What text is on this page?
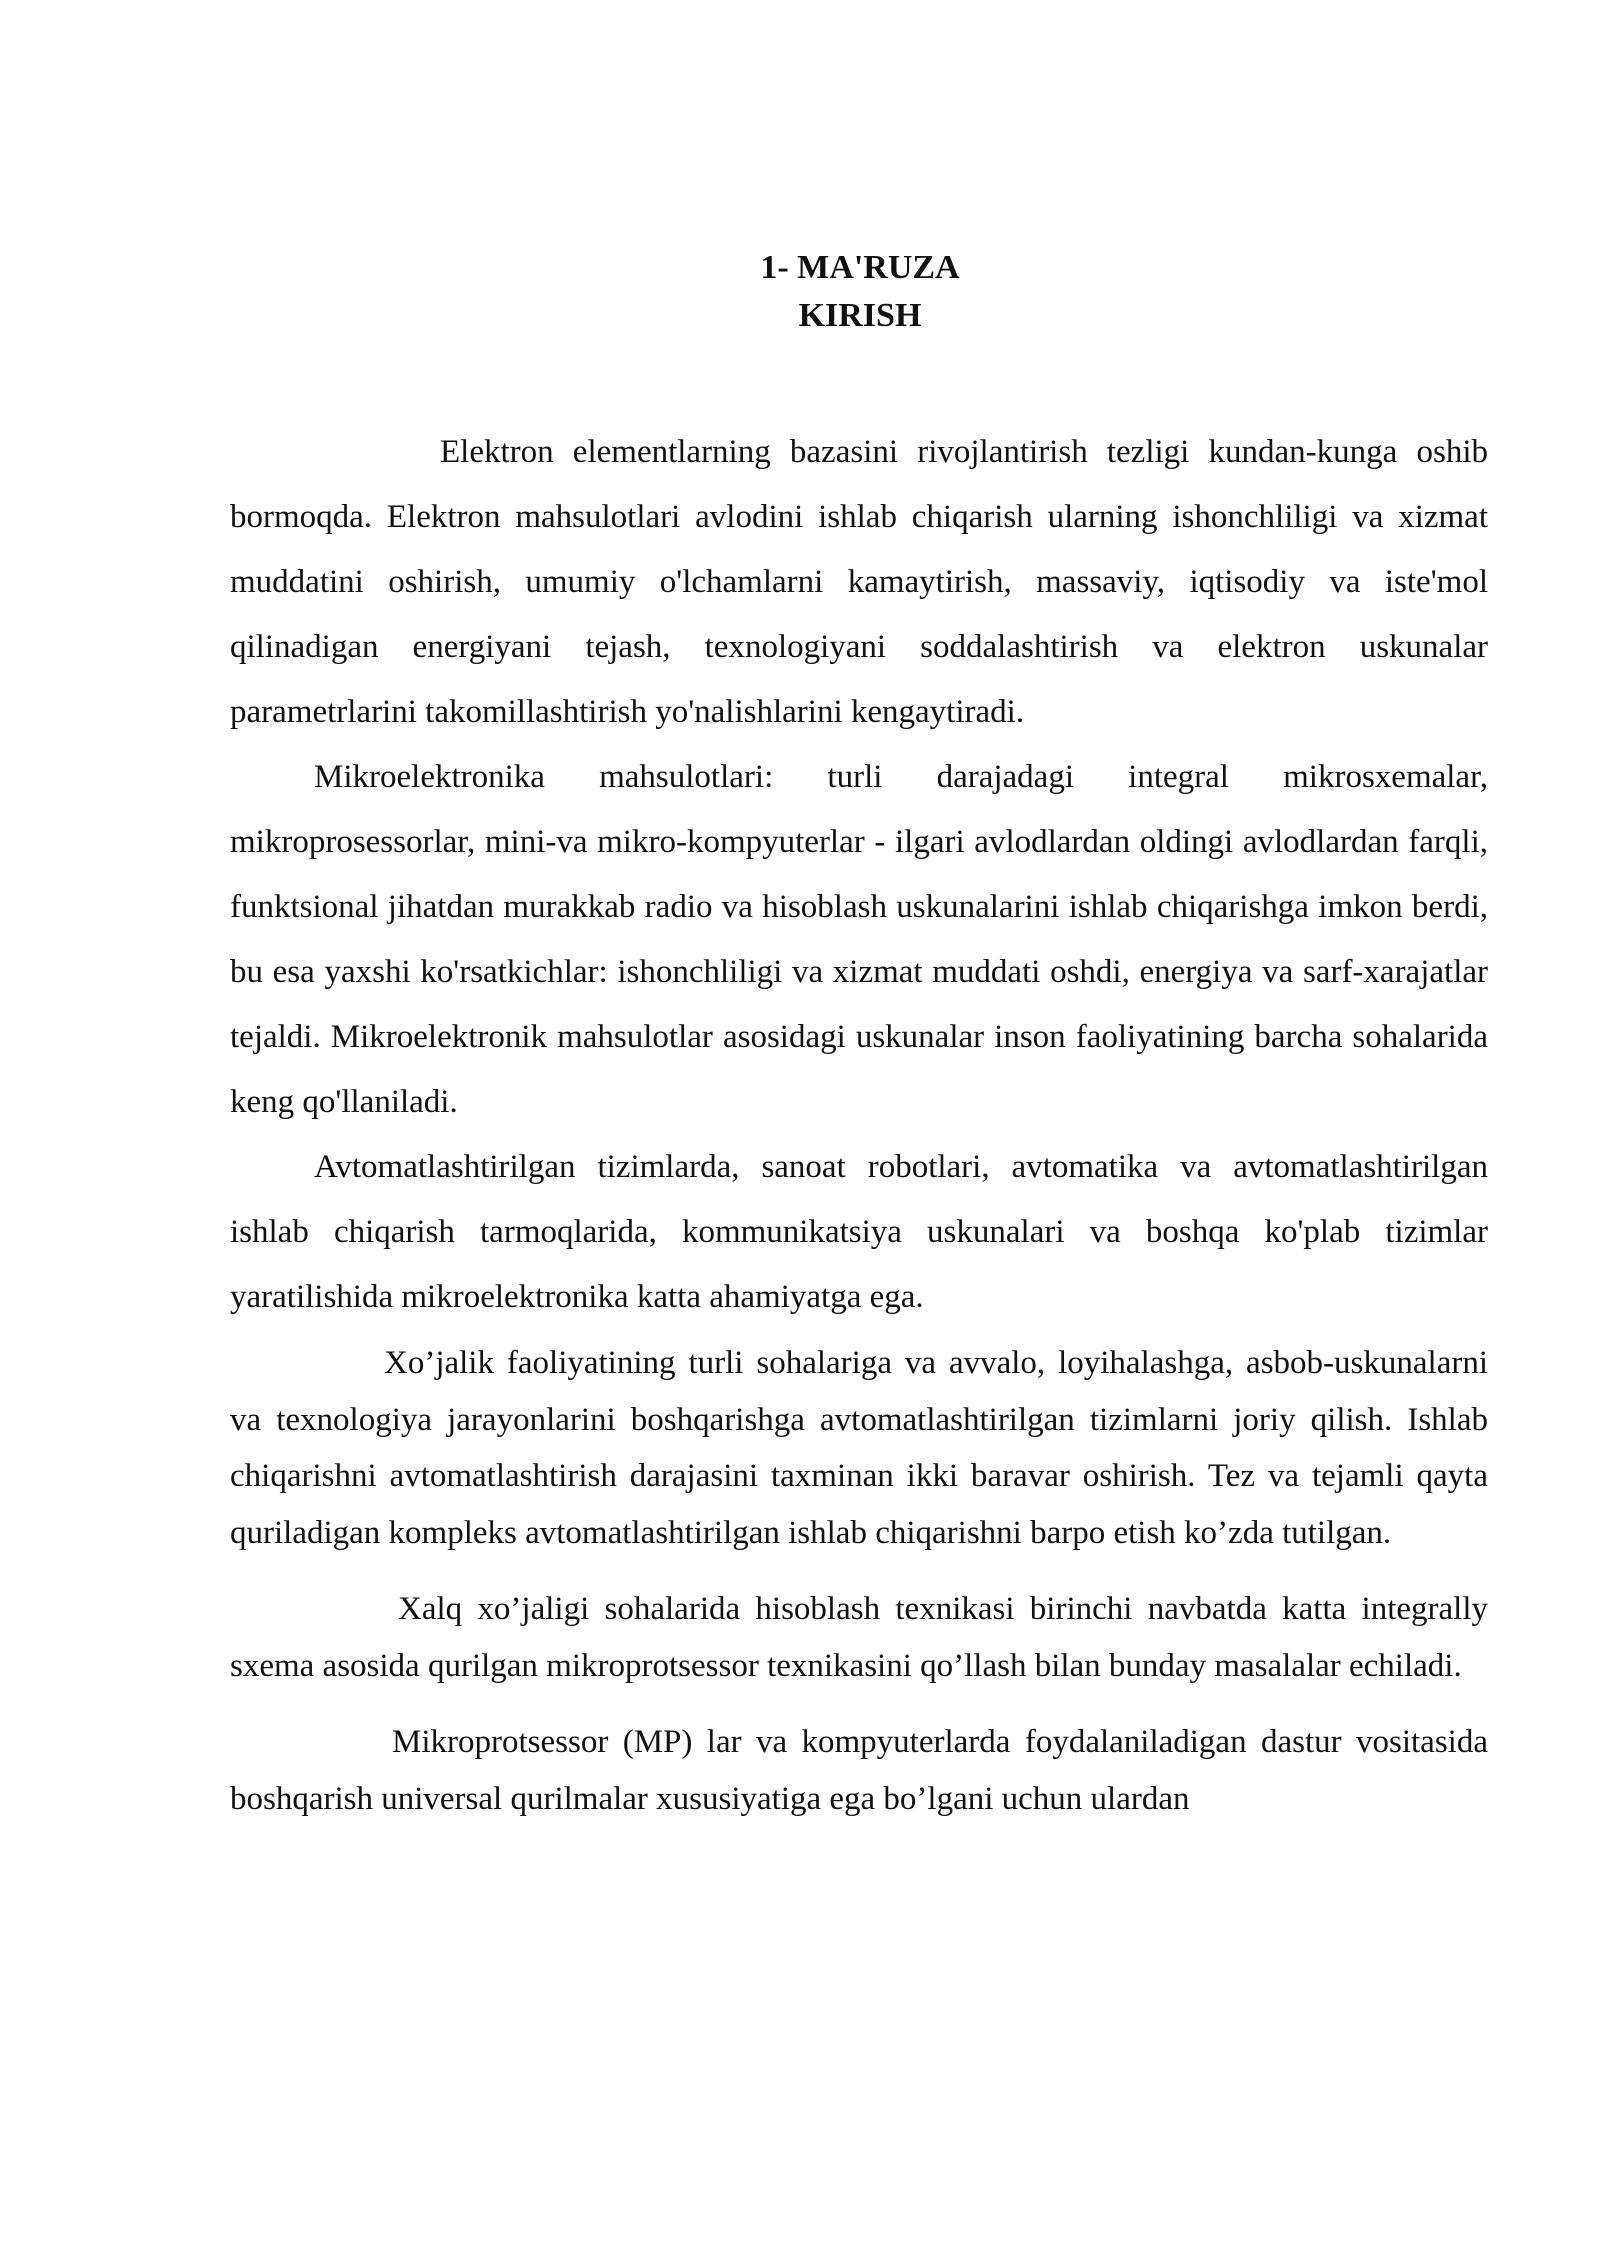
1- MA'RUZA
KIRISH

Elektron elementlarning bazasini rivojlantirish tezligi kundan-kunga oshib bormoqda. Elektron mahsulotlari avlodini ishlab chiqarish ularning ishonchliligi va xizmat muddatini oshirish, umumiy o'lchamlarni kamaytirish, massaviy, iqtisodiy va iste'mol qilinadigan energiyani tejash, texnologiyani soddalashtirish va elektron uskunalar parametrlarini takomillashtirish yo'nalishlarini kengaytiradi.

Mikroelektronika mahsulotlari: turli darajadagi integral mikrosxemalar, mikroprosessorlar, mini-va mikro-kompyuterlar - ilgari avlodlardan oldingi avlodlardan farqli, funktsional jihatdan murakkab radio va hisoblash uskunalarini ishlab chiqarishga imkon berdi, bu esa yaxshi ko'rsatkichlar: ishonchliligi va xizmat muddati oshdi, energiya va sarf-xarajatlar tejaldi. Mikroelektronik mahsulotlar asosidagi uskunalar inson faoliyatining barcha sohalarida keng qo'llaniladi.

Avtomatlashtirilgan tizimlarda, sanoat robotlari, avtomatika va avtomatlashtirilgan ishlab chiqarish tarmoqlarida, kommunikatsiya uskunalari va boshqa ko'plab tizimlar yaratilishida mikroelektronika katta ahamiyatga ega.

Xo’jalik faoliyatining turli sohalariga va avvalo, loyihalashga, asbob-uskunalarni va texnologiya jarayonlarini boshqarishga avtomatlashtirilgan tizimlarni joriy qilish. Ishlab chiqarishni avtomatlashtirish darajasini taxminan ikki baravar oshirish. Tez va tejamli qayta quriladigan kompleks avtomatlashtirilgan ishlab chiqarishni barpo etish ko’zda tutilgan.

Xalq xo’jaligi sohalarida hisoblash texnikasi birinchi navbatda katta integrally sxema asosida qurilgan mikroprotsessor texnikasini qo’llash bilan bunday masalalar echiladi.

Mikroprotsessor (MP) lar va kompyuterlarda foydalaniladigan dastur vositasida boshqarish universal qurilmalar xususiyatiga ega bo’lgani uchun ulardan
